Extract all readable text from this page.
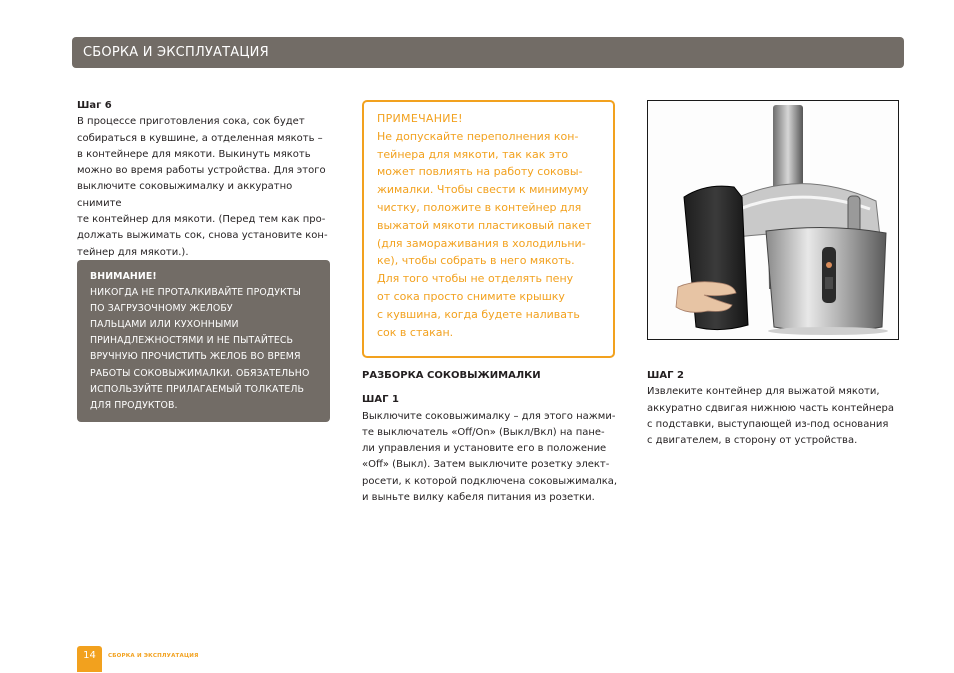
СБОРКА И ЭКСПЛУАТАЦИЯ

Шаг 6

В процессе приготовления сока, сок будет
собираться в кувшине, а отделенная мякоть –
в контейнере для мякоти. Выкинуть мякоть
можно во время работы устройства. Для этого
выключите соковыжималку и аккуратно снимите
те контейнер для мякоти. (Перед тем как про-
должать выжимать сок, снова установите кон-
тейнер для мякоти.).

ВНИМАНИЕ!

НИКОГДА НЕ ПРОТАЛКИВАЙТЕ ПРОДУКТЫ
ПО ЗАГРУЗОЧНОМУ ЖЕЛОБУ
ПАЛЬЦАМИ ИЛИ КУХОННЫМИ
ПРИНАДЛЕЖНОСТЯМИ И НЕ ПЫТАЙТЕСЬ
ВРУЧНУЮ ПРОЧИСТИТЬ ЖЕЛОБ ВО ВРЕМЯ
РАБОТЫ СОКОВЫЖИМАЛКИ. ОБЯЗАТЕЛЬНО
ИСПОЛЬЗУЙТЕ ПРИЛАГАЕМЫЙ ТОЛКАТЕЛЬ
ДЛЯ ПРОДУКТОВ.

ПРИМЕЧАНИЕ!

Не допускайте переполнения кон-
тейнера для мякоти, так как это
может повлиять на работу соковы-
жималки. Чтобы свести к минимуму
чистку, положите в контейнер для
выжатой мякоти пластиковый пакет
(для замораживания в холодильни-
ке), чтобы собрать в него мякоть.
Для того чтобы не отделять пену
от сока просто снимите крышку
с кувшина, когда будете наливать
сок в стакан.

РАЗБОРКА СОКОВЫЖИМАЛКИ

ШАГ 1

Выключите соковыжималку – для этого нажми-
те выключатель «Off/On» (Выкл/Вкл) на пане-
ли управления и установите его в положение
«Off» (Выкл). Затем выключите розетку элект-
росети, к которой подключена соковыжималка,
и выньте вилку кабеля питания из розетки.

ШАГ 2

Извлеките контейнер для выжатой мякоти,
аккуратно сдвигая нижнюю часть контейнера
с подставки, выступающей из-под основания
с двигателем, в сторону от устройства.

14	СБОРКА И ЭКСПЛУАТАЦИЯ
